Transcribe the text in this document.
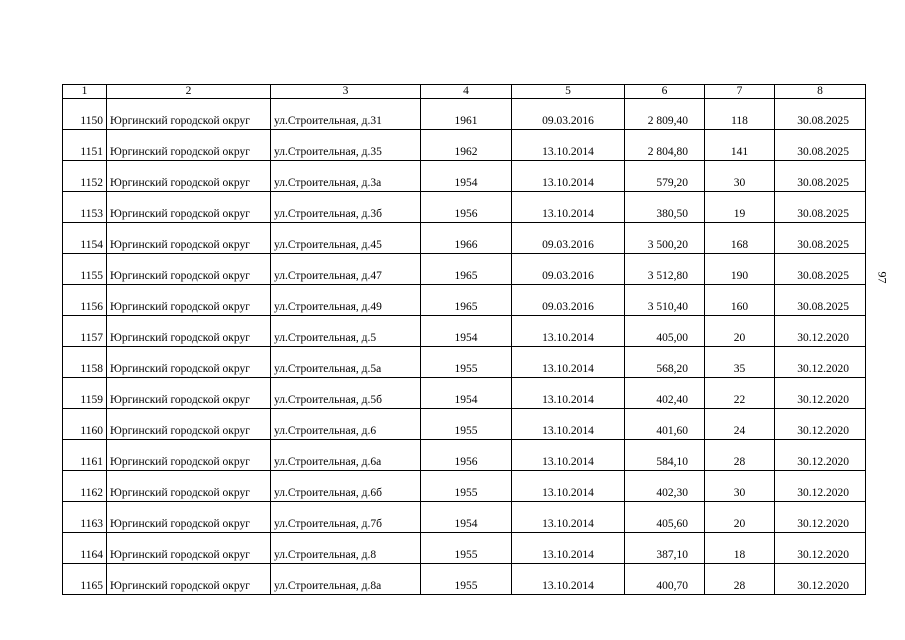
1	2	3	4	5	6	7	8
1150	Юргинский городской округ	ул.Строительная, д.31	1961	09.03.2016	2 809,40	118	30.08.2025
1151	Юргинский городской округ	ул.Строительная, д.35	1962	13.10.2014	2 804,80	141	30.08.2025
1152	Юргинский городской округ	ул.Строительная, д.3а	1954	13.10.2014	579,20	30	30.08.2025
1153	Юргинский городской округ	ул.Строительная, д.3б	1956	13.10.2014	380,50	19	30.08.2025
1154	Юргинский городской округ	ул.Строительная, д.45	1966	09.03.2016	3 500,20	168	30.08.2025
1155	Юргинский городской округ	ул.Строительная, д.47	1965	09.03.2016	3 512,80	190	30.08.2025
1156	Юргинский городской округ	ул.Строительная, д.49	1965	09.03.2016	3 510,40	160	30.08.2025
1157	Юргинский городской округ	ул.Строительная, д.5	1954	13.10.2014	405,00	20	30.12.2020
1158	Юргинский городской округ	ул.Строительная, д.5а	1955	13.10.2014	568,20	35	30.12.2020
1159	Юргинский городской округ	ул.Строительная, д.5б	1954	13.10.2014	402,40	22	30.12.2020
1160	Юргинский городской округ	ул.Строительная, д.6	1955	13.10.2014	401,60	24	30.12.2020
1161	Юргинский городской округ	ул.Строительная, д.6а	1956	13.10.2014	584,10	28	30.12.2020
1162	Юргинский городской округ	ул.Строительная, д.6б	1955	13.10.2014	402,30	30	30.12.2020
1163	Юргинский городской округ	ул.Строительная, д.7б	1954	13.10.2014	405,60	20	30.12.2020
1164	Юргинский городской округ	ул.Строительная, д.8	1955	13.10.2014	387,10	18	30.12.2020
1165	Юргинский городской округ	ул.Строительная, д.8а	1955	13.10.2014	400,70	28	30.12.2020
97
